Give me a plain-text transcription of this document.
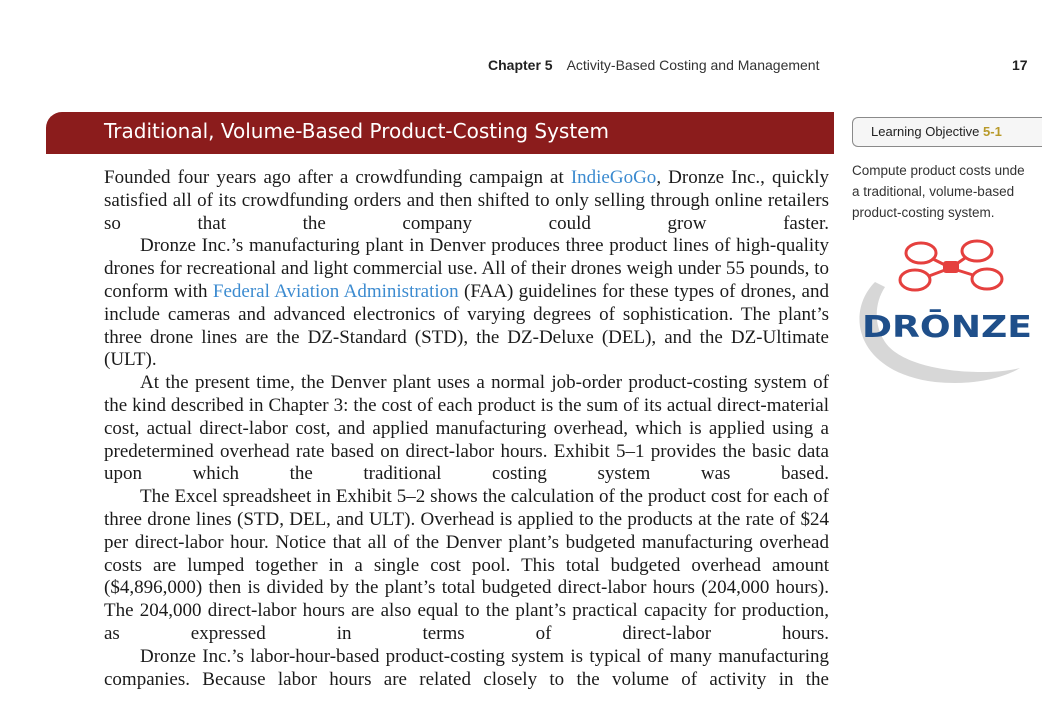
Chapter 5 Activity-Based Costing and Management	17
Traditional, Volume-Based Product-Costing System	Learning Objective 5-1
Compute product costs unde
a traditional, volume-based
product-costing system.
DRŌNZE

Founded four years ago after a crowdfunding campaign at IndieGoGo, Dronze Inc., quickly satisfied all of its crowdfunding orders and then shifted to only selling through online retailers so that the company could grow faster.

Dronze Inc.’s manufacturing plant in Denver produces three product lines of high-quality drones for recreational and light commercial use. All of their drones weigh under 55 pounds, to conform with Federal Aviation Administration (FAA) guidelines for these types of drones, and include cameras and advanced electronics of varying degrees of sophistication. The plant’s three drone lines are the DZ-Standard (STD), the DZ-Deluxe (DEL), and the DZ-Ultimate (ULT).

At the present time, the Denver plant uses a normal job-order product-costing system of the kind described in Chapter 3: the cost of each product is the sum of its actual direct-material cost, actual direct-labor cost, and applied manufacturing overhead, which is applied using a predetermined overhead rate based on direct-labor hours. Exhibit 5–1 provides the basic data upon which the traditional costing system was based.

The Excel spreadsheet in Exhibit 5–2 shows the calculation of the product cost for each of three drone lines (STD, DEL, and ULT). Overhead is applied to the products at the rate of $24 per direct-labor hour. Notice that all of the Denver plant’s budgeted manufacturing overhead costs are lumped together in a single cost pool. This total budgeted overhead amount ($4,896,000) then is divided by the plant’s total budgeted direct-labor hours (204,000 hours). The 204,000 direct-labor hours are also equal to the plant’s practical capacity for production, as expressed in terms of direct-labor hours.

Dronze Inc.’s labor-hour-based product-costing system is typical of many manufacturing companies. Because labor hours are related closely to the volume of activity in the
